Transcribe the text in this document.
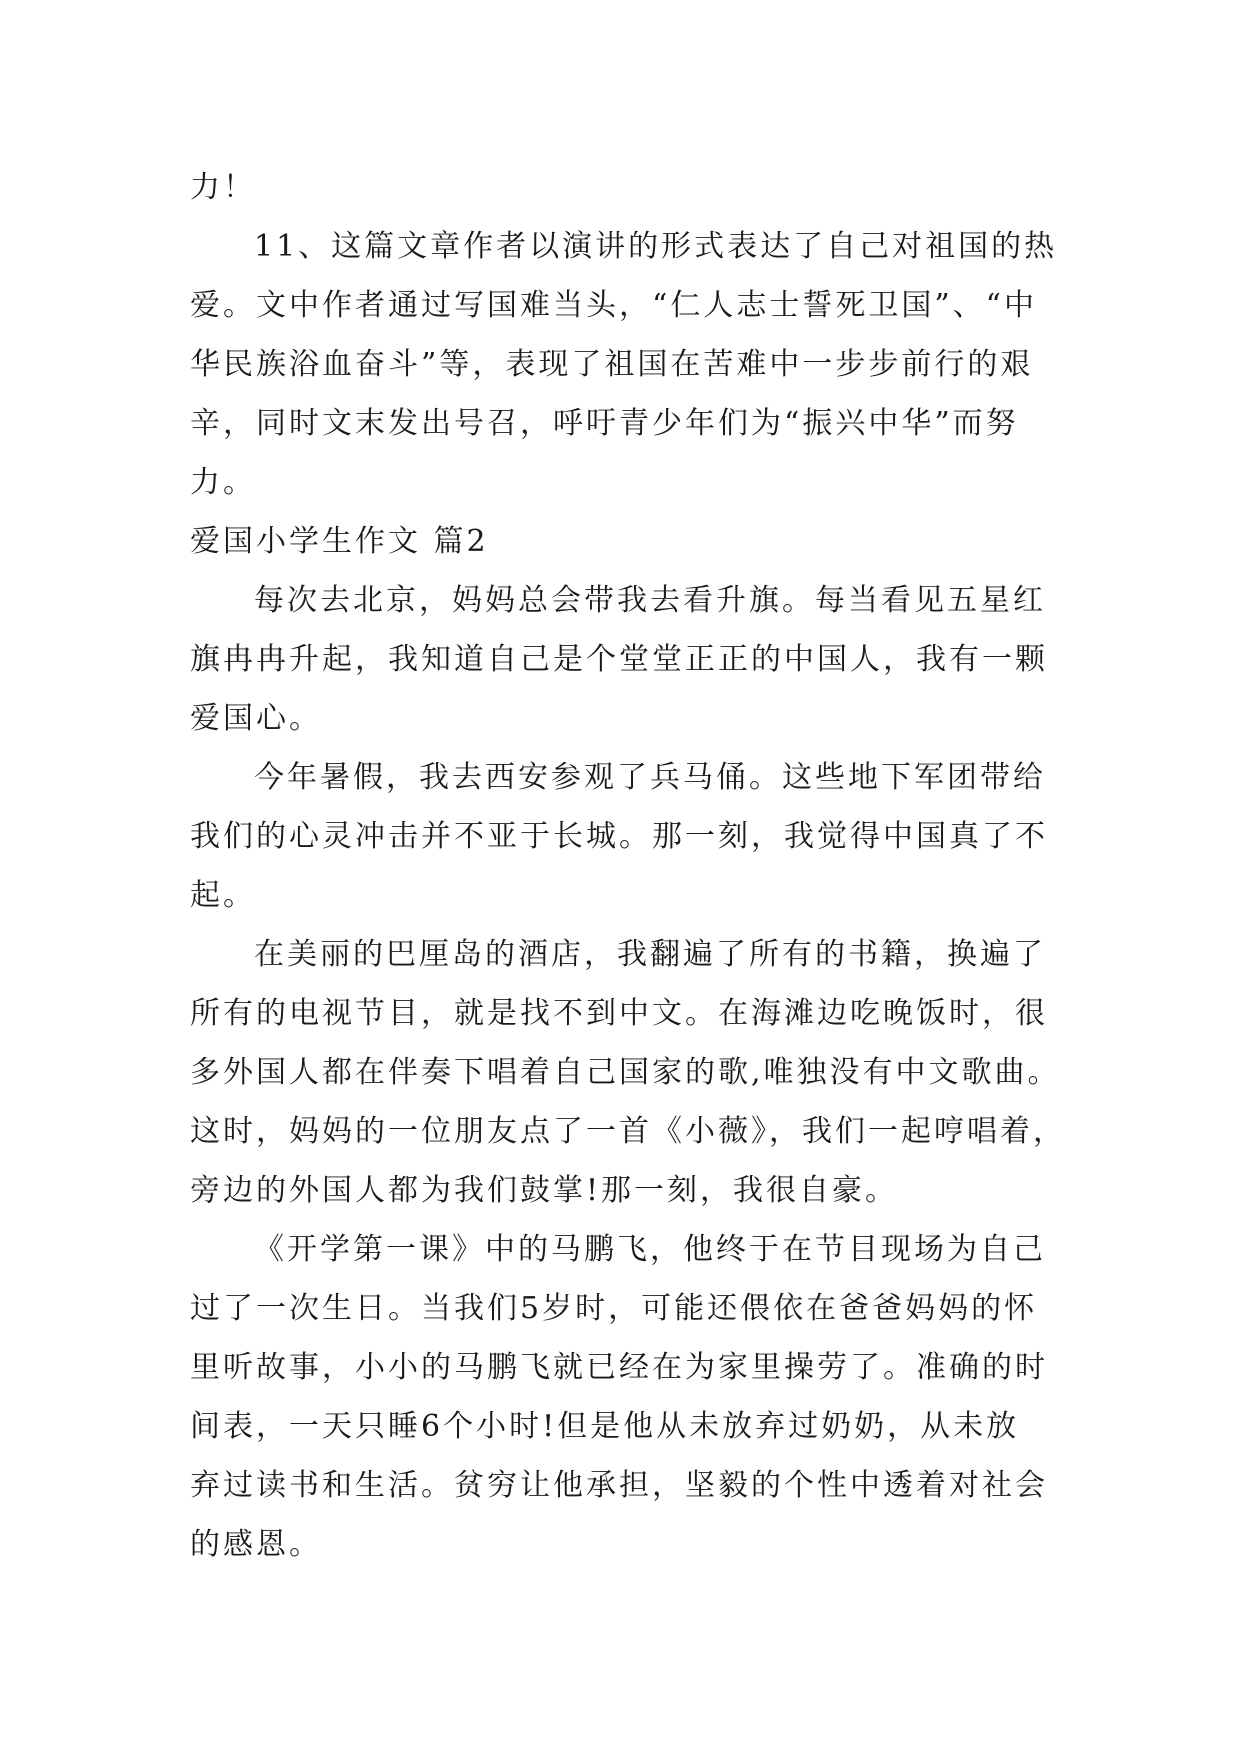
力！
11、这篇文章作者以演讲的形式表达了自己对祖国的热
爱。文中作者通过写国难当头，“仁人志士誓死卫国”、“中
华民族浴血奋斗”等，表现了祖国在苦难中一步步前行的艰
辛，同时文末发出号召，呼吁青少年们为“振兴中华”而努
力。
爱国小学生作文 篇2
每次去北京，妈妈总会带我去看升旗。每当看见五星红
旗冉冉升起，我知道自己是个堂堂正正的中国人，我有一颗
爱国心。
今年暑假，我去西安参观了兵马俑。这些地下军团带给
我们的心灵冲击并不亚于长城。那一刻，我觉得中国真了不
起。
在美丽的巴厘岛的酒店，我翻遍了所有的书籍，换遍了
所有的电视节目，就是找不到中文。在海滩边吃晚饭时，很
多外国人都在伴奏下唱着自己国家的歌,唯独没有中文歌曲。
这时，妈妈的一位朋友点了一首《小薇》，我们一起哼唱着，
旁边的外国人都为我们鼓掌!那一刻，我很自豪。
《开学第一课》中的马鹏飞，他终于在节目现场为自己
过了一次生日。当我们5岁时，可能还偎依在爸爸妈妈的怀
里听故事，小小的马鹏飞就已经在为家里操劳了。准确的时
间表，一天只睡6个小时!但是他从未放弃过奶奶，从未放
弃过读书和生活。贫穷让他承担，坚毅的个性中透着对社会
的感恩。
